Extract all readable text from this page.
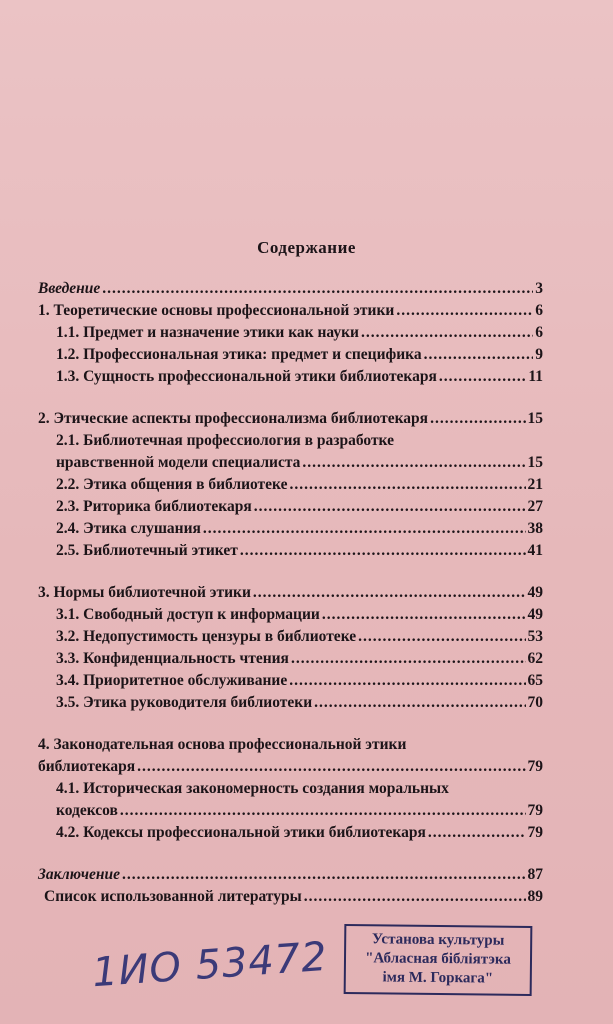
Содержание
Введение .....	3
1. Теоретические основы профессиональной этики .....	6
1.1. Предмет и назначение этики как науки .....	6
1.2. Профессиональная этика: предмет и специфика .....	9
1.3. Сущность профессиональной этики библиотекаря .....	11
2. Этические аспекты профессионализма библиотекаря .....	15
2.1. Библиотечная профессиология в разработке
нравственной модели специалиста .....	15
2.2. Этика общения в библиотеке .....	21
2.3. Риторика библиотекаря .....	27
2.4. Этика слушания .....	38
2.5. Библиотечный этикет .....	41
3. Нормы библиотечной этики .....	49
3.1. Свободный доступ к информации .....	49
3.2. Недопустимость цензуры в библиотеке .....	53
3.3. Конфиденциальность чтения .....	62
3.4. Приоритетное обслуживание .....	65
3.5. Этика руководителя библиотеки .....	70
4. Законодательная основа профессиональной этики
библиотекаря .....	79
4.1. Историческая закономерность создания моральных
кодексов .....	79
4.2. Кодексы профессиональной этики библиотекаря .....	79
Заключение .....	87
Список использованной литературы .....	89
1ИО 53472	Установа культуры
"Абласная бібліятэка
імя М. Горкага"
